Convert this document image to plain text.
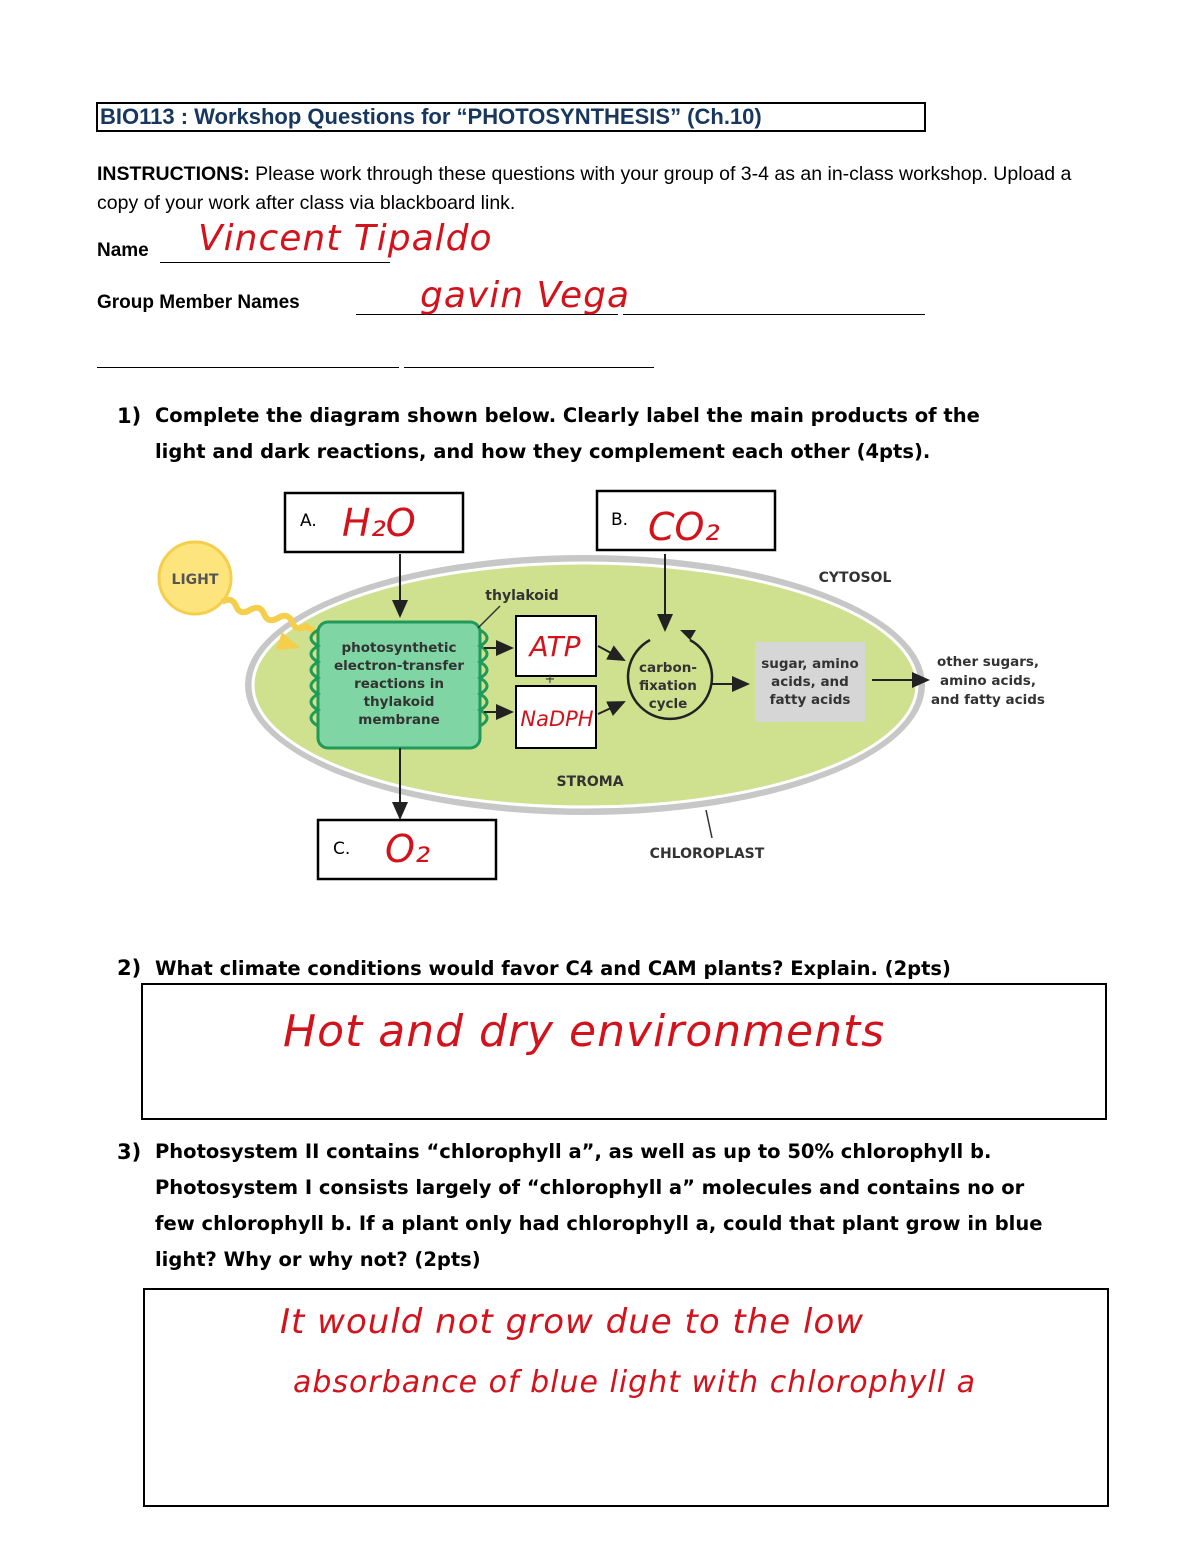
BIO113 : Workshop Questions for “PHOTOSYNTHESIS” (Ch.10)
INSTRUCTIONS: Please work through these questions with your group of 3-4 as an in-class workshop. Upload a copy of your work after class via blackboard link.
Name Vincent Tipaldo
Group Member Names	gavin Vega
1) Complete the diagram shown below. Clearly label the main products of the light and dark reactions, and how they complement each other (4pts).
LIGHT
photosynthetic
electron-transfer
reactions in
thylakoid
membrane
thylakoid
CYTOSOL
+
ATP
NaDPH
carbon-
fixation
cycle
sugar, amino
acids, and
fatty acids
other sugars,
amino acids,
and fatty acids
STROMA
CHLOROPLAST
A. H₂O	B. CO₂
C. O₂
2) What climate conditions would favor C4 and CAM plants? Explain. (2pts)
Hot and dry environments
3) Photosystem II contains “chlorophyll a”, as well as up to 50% chlorophyll b. Photosystem I consists largely of “chlorophyll a” molecules and contains no or few chlorophyll b. If a plant only had chlorophyll a, could that plant grow in blue light? Why or why not? (2pts)
It would not grow due to the low
absorbance of blue light with chlorophyll a
